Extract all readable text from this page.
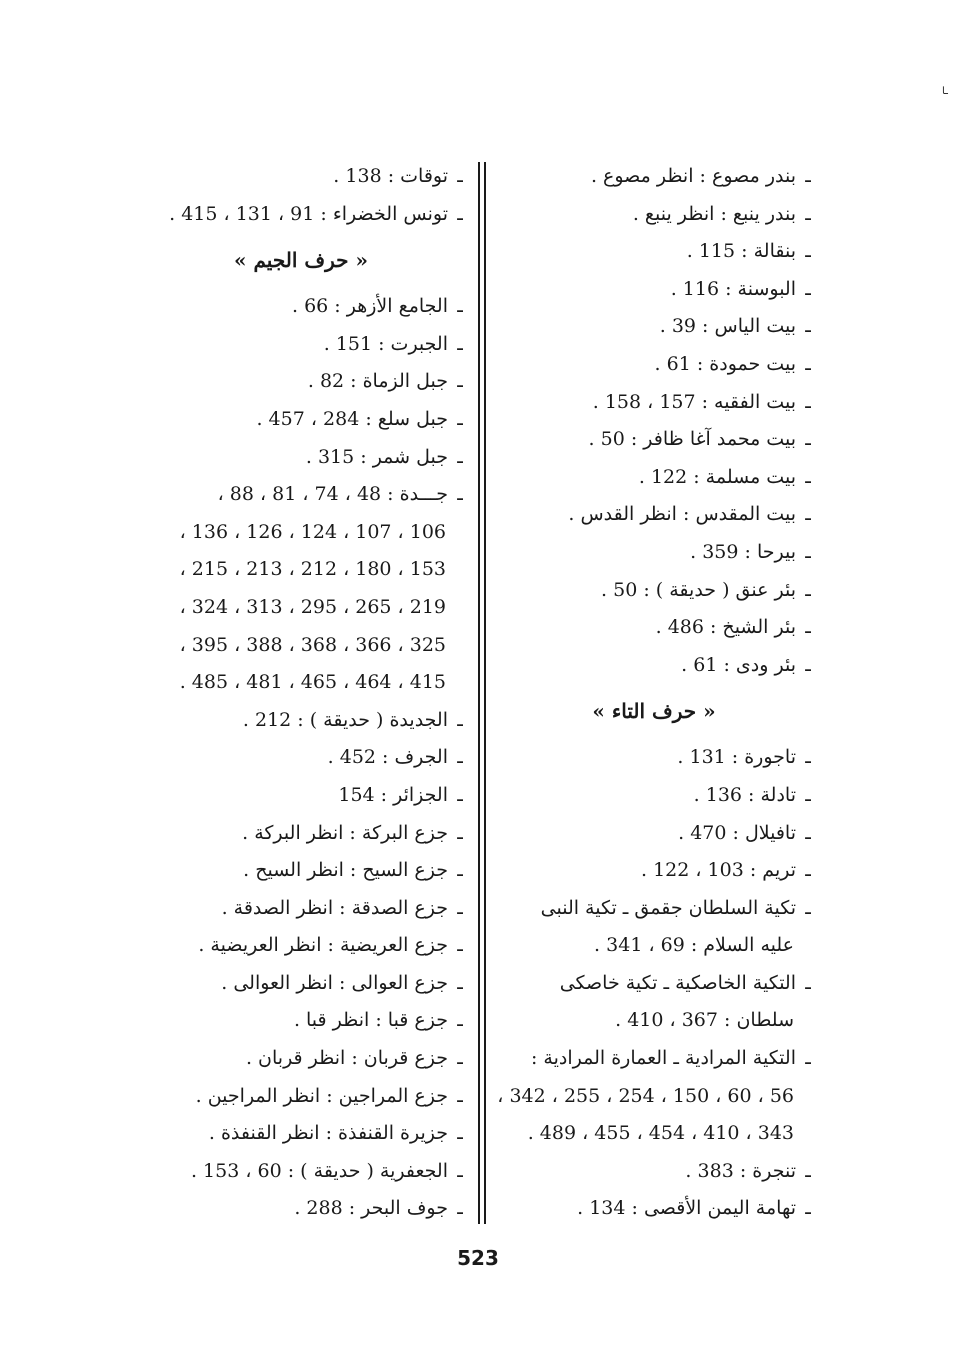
ـا
ـبندر مصوع : انظر مصوع .
ـبندر ينبع : انظر ينبع .
ـبنقالة : 115 .
ـالبوسنة : 116 .
ـبيت الياس : 39 .
ـبيت حمودة : 61 .
ـبيت الفقيه : 157 ، 158 .
ـبيت محمد آغا ظافر : 50 .
ـبيت مسلمة : 122 .
ـبيت المقدس : انظر القدس .
ـبيرحا : 359 .
ـبئر عنق ( حديقة ) : 50 .
ـبئر الشيخ : 486 .
ـبئر ودى : 61 .
« حرف التاء »
ـتاجورة : 131 .
ـتادلة : 136 .
ـتافيلال : 470 .
ـتريم : 103 ، 122 .
ـتكية السلطان جقمق ـ تكية النبى
عليه السلام : 69 ، 341 .
ـالتكية الخاصكية ـ تكية خاصكى
سلطان : 367 ، 410 .
ـالتكية المرادية ـ العمارة المرادية :
56 ، 60 ، 150 ، 254 ، 255 ، 342 ،
343 ، 410 ، 454 ، 455 ، 489 .
ـتنجرة : 383 .
ـتهامة اليمن الأقصى : 134 .
ـتوقات : 138 .
ـتونس الخضراء : 91 ، 131 ، 415 .
« حرف الجيم »
ـالجامع الأزهر : 66 .
ـالجبرت : 151 .
ـجبل الزماة : 82 .
ـجبل سلع : 284 ، 457 .
ـجبل شمر : 315 .
ـجـــدة : 48 ، 74 ، 81 ، 88 ،
106 ، 107 ، 124 ، 126 ، 136 ،
153 ، 180 ، 212 ، 213 ، 215 ،
219 ، 265 ، 295 ، 313 ، 324 ،
325 ، 366 ، 368 ، 388 ، 395 ،
415 ، 464 ، 465 ، 481 ، 485 .
ـالجديدة ( حديقة ) : 212 .
ـالجرف : 452 .
ـالجزائر : 154
ـجزع البركة : انظر البركة .
ـجزع السيح : انظر السيح .
ـجزع الصدقة : انظر الصدقة .
ـجزع العريضية : انظر العريضية .
ـجزع العوالى : انظر العوالى .
ـجزع قبا : انظر قبا .
ـجزع قربان : انظر قربان .
ـجزع المراجين : انظر المراجين .
ـجزيرة القنفذة : انظر القنفذة .
ـالجعفرية ( حديقة ) : 60 ، 153 .
ـجوف البحر : 288 .
523
